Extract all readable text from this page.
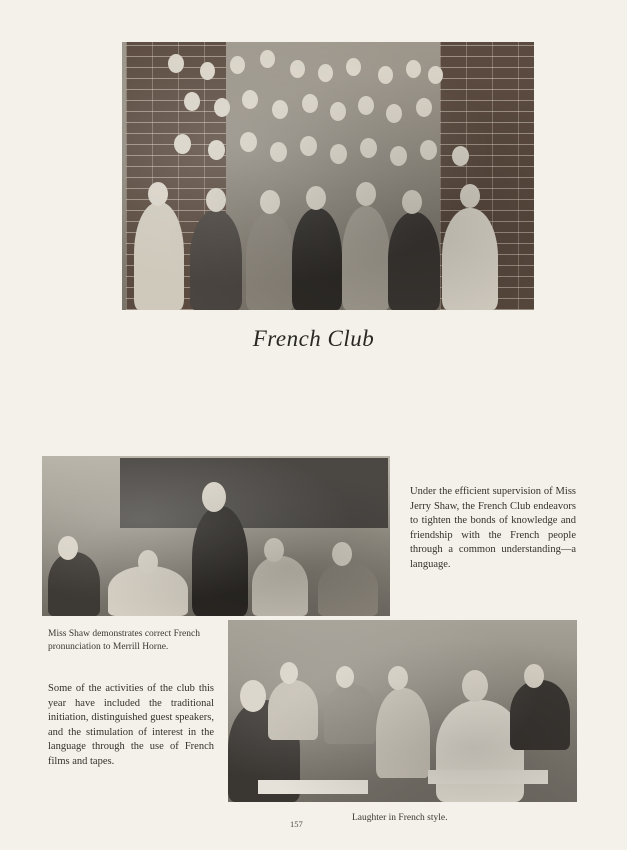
French Club
Miss Shaw demonstrates correct French pronunciation to Merrill Horne.
Under the efficient supervision of Miss Jerry Shaw, the French Club endeavors to tighten the bonds of knowledge and friendship with the French people through a common understanding—a language.
Some of the activities of the club this year have included the traditional initiation, distinguished guest speakers, and the stimulation of interest in the language through the use of French films and tapes.
Laughter in French style.
157
